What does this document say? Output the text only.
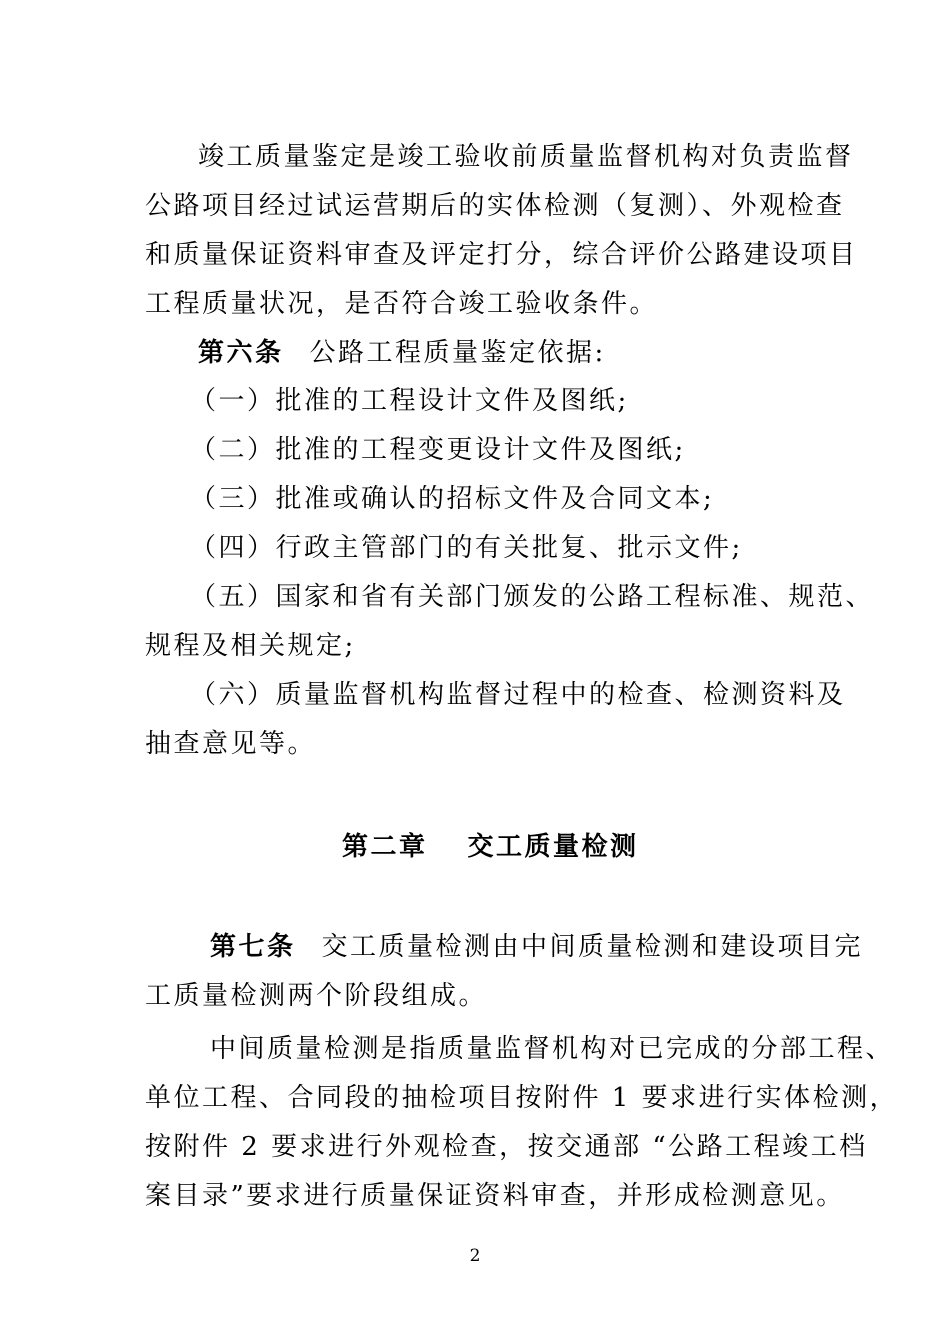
竣工质量鉴定是竣工验收前质量监督机构对负责监督
公路项目经过试运营期后的实体检测（复测）、外观检查
和质量保证资料审查及评定打分，综合评价公路建设项目
工程质量状况，是否符合竣工验收条件。
第六条 公路工程质量鉴定依据:
（一）批准的工程设计文件及图纸;
（二）批准的工程变更设计文件及图纸;
（三）批准或确认的招标文件及合同文本;
（四）行政主管部门的有关批复、批示文件;
（五）国家和省有关部门颁发的公路工程标准、规范、
规程及相关规定;
（六）质量监督机构监督过程中的检查、检测资料及
抽查意见等。
第二章 交工质量检测
第七条 交工质量检测由中间质量检测和建设项目完
工质量检测两个阶段组成。
中间质量检测是指质量监督机构对已完成的分部工程、
单位工程、合同段的抽检项目按附件 1 要求进行实体检测，
按附件 2 要求进行外观检查，按交通部 “公路工程竣工档
案目录”要求进行质量保证资料审查，并形成检测意见。
2
